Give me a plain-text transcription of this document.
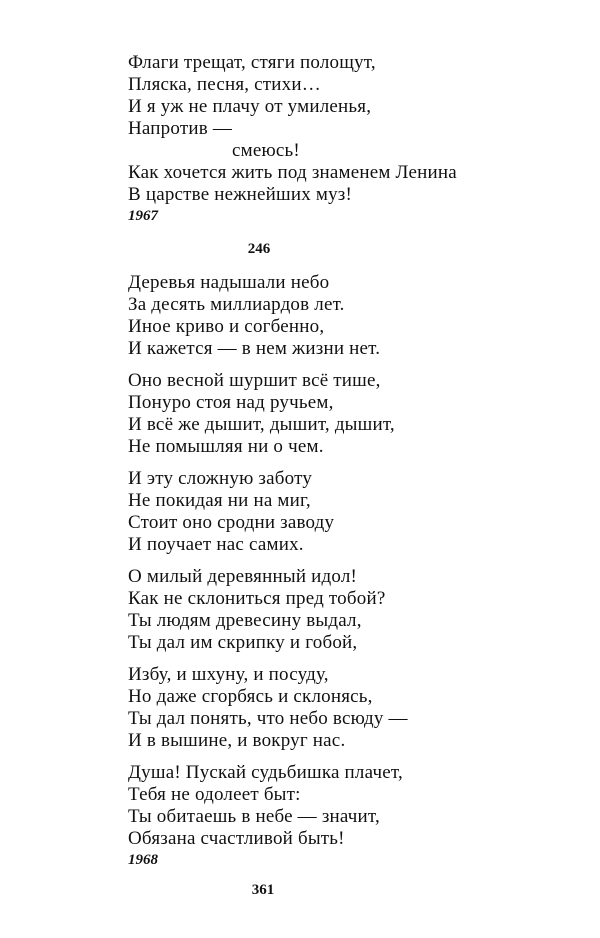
Флаги трещат, стяги полощут,
Пляска, песня, стихи…
И я уж не плачу от умиленья,
Напротив —
смеюсь!
Как хочется жить под знаменем Ленина
В царстве нежнейших муз!
1967
246
Деревья надышали небо
За десять миллиардов лет.
Иное криво и согбенно,
И кажется — в нем жизни нет.
Оно весной шуршит всё тише,
Понуро стоя над ручьем,
И всё же дышит, дышит, дышит,
Не помышляя ни о чем.
И эту сложную заботу
Не покидая ни на миг,
Стоит оно сродни заводу
И поучает нас самих.
О милый деревянный идол!
Как не склониться пред тобой?
Ты людям древесину выдал,
Ты дал им скрипку и гобой,
Избу, и шхуну, и посуду,
Но даже сгорбясь и склонясь,
Ты дал понять, что небо всюду —
И в вышине, и вокруг нас.
Душа! Пускай судьбишка плачет,
Тебя не одолеет быт:
Ты обитаешь в небе — значит,
Обязана счастливой быть!
1968
361
